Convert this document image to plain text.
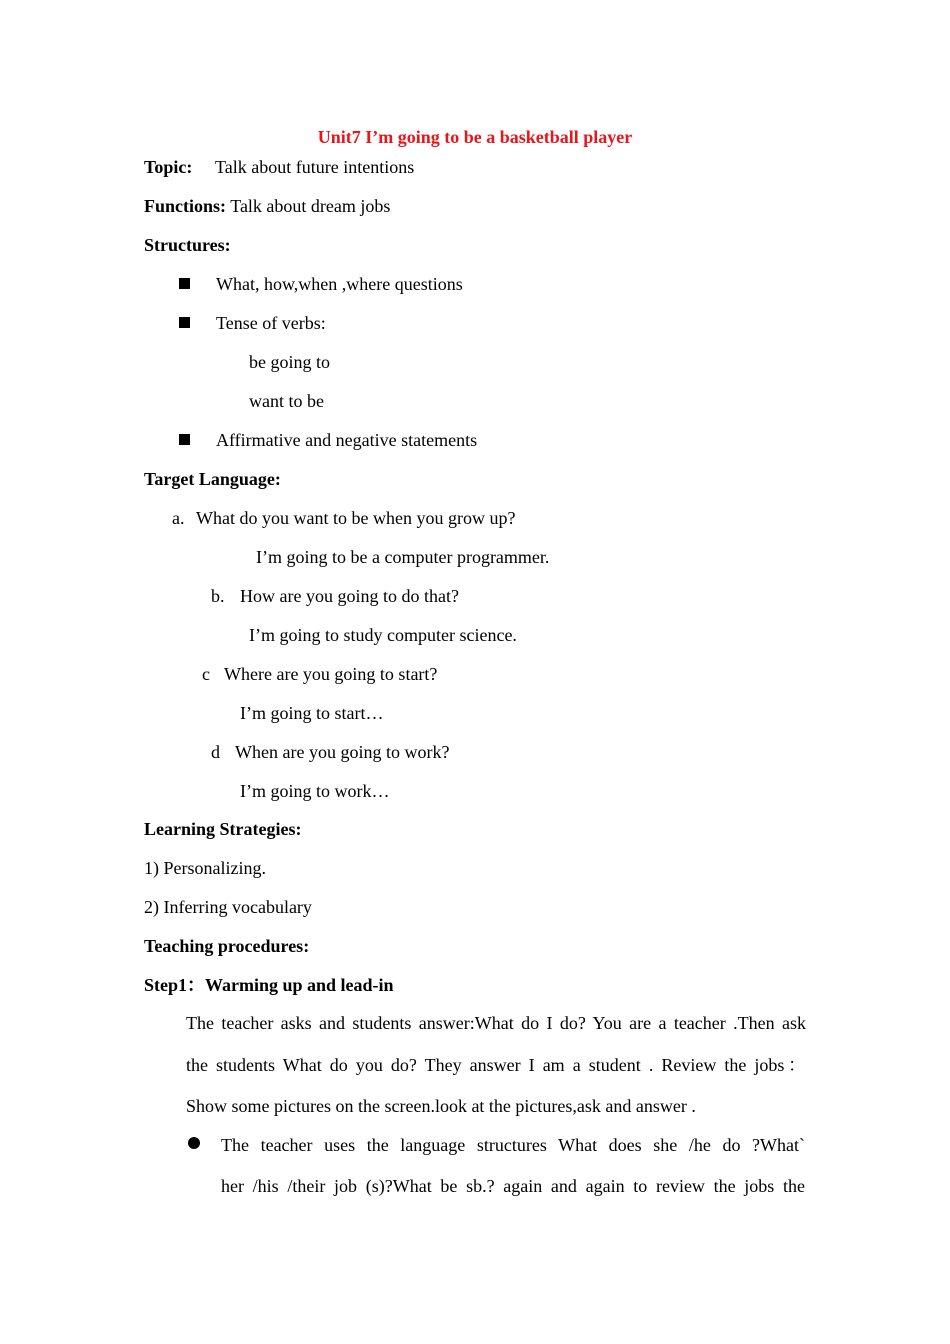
Unit7 I’m going to be a basketball player
Topic: Talk about future intentions
Functions: Talk about dream jobs
Structures:
What, how,when ,where questions
Tense of verbs:
be going to
want to be
Affirmative and negative statements
Target Language:
a. What do you want to be when you grow up?
I’m going to be a computer programmer.
b. How are you going to do that?
I’m going to study computer science.
c Where are you going to start?
I’m going to start…
d When are you going to work?
I’m going to work…
Learning Strategies:
1) Personalizing.
2) Inferring vocabulary
Teaching procedures:
Step1：Warming up and lead-in
The teacher asks and students answer:What do I do? You are a teacher .Then ask
the students What do you do? They answer I am a student . Review the jobs：
Show some pictures on the screen.look at the pictures,ask and answer .
The teacher uses the language structures What does she /he do ?What`
her /his /their job (s)?What be sb.? again and again to review the jobs the
